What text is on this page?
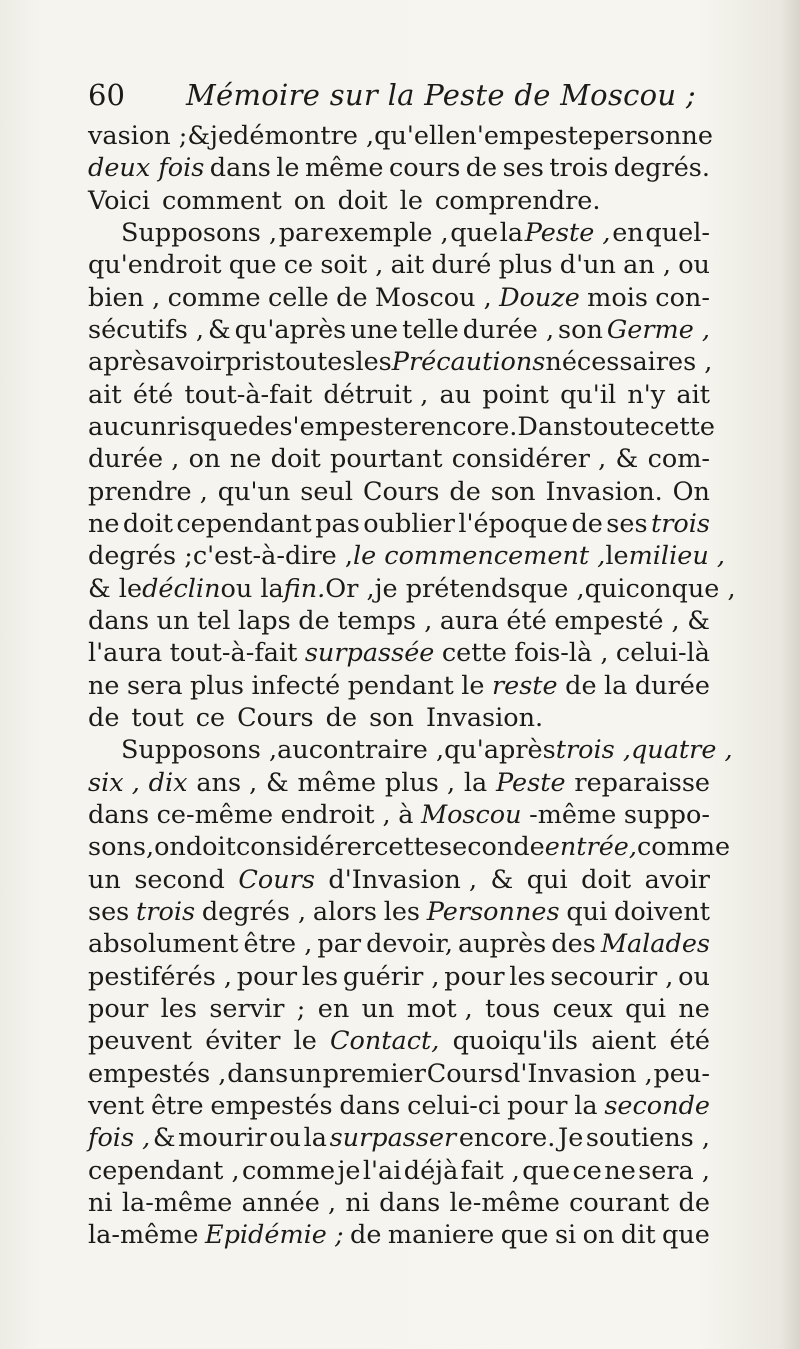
60 Mémoire sur la Peste de Moscou ;
vasion ; & je démontre , qu'elle n'empeste personne
deux fois dans le même cours de ses trois degrés.
Voici comment on doit le comprendre.
Supposons , par exemple , que la Peste , en quel-
qu'endroit que ce soit , ait duré plus d'un an , ou
bien , comme celle de Moscou , Douze mois con-
sécutifs , & qu'après une telle durée , son Germe ,
après avoir pris toutes les Précautions nécessaires ,
ait été tout-à-fait détruit , au point qu'il n'y ait
aucun risque de s'empester encore. Dans toute cette
durée , on ne doit pourtant considérer , & com-
prendre , qu'un seul Cours de son Invasion. On
ne doit cependant pas oublier l'époque de ses trois
degrés ; c'est-à-dire , le commencement , le milieu ,
& le déclin ou la fin. Or , je prétends que , quiconque ,
dans un tel laps de temps , aura été empesté , &
l'aura tout-à-fait surpassée cette fois-là , celui-là
ne sera plus infecté pendant le reste de la durée
de tout ce Cours de son Invasion.
Supposons , au contraire , qu'après trois , quatre ,
six , dix ans , & même plus , la Peste reparaisse
dans ce-même endroit , à Moscou -même suppo-
sons, on doit considérer cette seconde entrée, comme
un second Cours d'Invasion , & qui doit avoir
ses trois degrés , alors les Personnes qui doivent
absolument être , par devoir, auprès des Malades
pestiférés , pour les guérir , pour les secourir , ou
pour les servir ; en un mot , tous ceux qui ne
peuvent éviter le Contact, quoiqu'ils aient été
empestés , dans un premier Cours d'Invasion , peu-
vent être empestés dans celui-ci pour la seconde
fois , & mourir ou la surpasser encore. Je soutiens ,
cependant , comme je l'ai déjà fait , que ce ne sera ,
ni la-même année , ni dans le-même courant de
la-même Epidémie ; de maniere que si on dit que
